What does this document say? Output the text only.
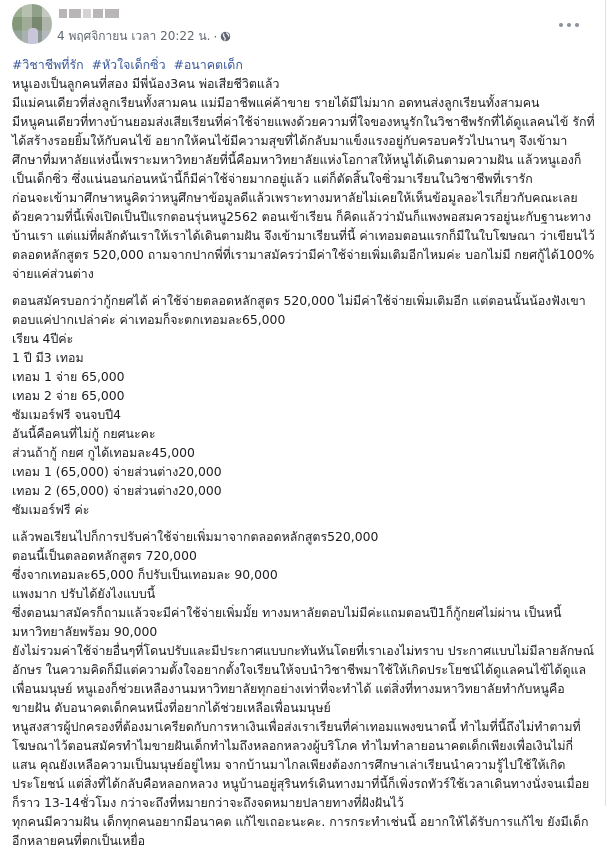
4 พฤศจิกายน เวลา 20:22 น. ·
#วิชาชีพที่รัก #หัวใจเด็กซิ่ว #อนาคตเด็ก
หนูเองเป็นลูกคนที่สอง มีพี่น้อง3คน พ่อเสียชีวิตแล้ว
มีแม่คนเดียวที่ส่งลูกเรียนทั้งสามคน แม่มีอาชีพแค่ค้าขาย รายได้มีไม่มาก อดทนส่งลูกเรียนทั้งสามคน
มีหนูคนเดียวที่ทางบ้านยอมส่งเสียเรียนที่ค่าใช้จ่ายแพงด้วยความที่ใจของหนูรักในวิชาชีพรักที่ได้ดูแลคนไข้ รักที่
ได้สร้างรอยยิ้มให้กับคนไข้ อยากให้คนไข้มีความสุขที่ได้กลับมาแข็งแรงอยู่กับครอบครัวไปนานๆ จึงเข้ามา
ศึกษาที่มหาลัยแห่งนี้เพราะมหาวิทยาลัยที่นี้คือมหาวิทยาลัยแห่งโอกาสให้หนูได้เดินตามความฝัน แล้วหนูเองก็
เป็นเด็กซิ่ว ซึ่งแน่นอนก่อนหน้านี้ก็มีค่าใช้จ่ายมากอยู่แล้ว แต่ก็ตัดสิ้นใจซิ่วมาเรียนในวิชาชีพที่เรารัก
ก่อนจะเข้ามาศึกษาหนูคิดว่าหนูศึกษาข้อมูลดีแล้วเพราะทางมหาลัยไม่เคยให้เห็นข้อมูลอะไรเกี่ยวกับคณะเลย
ด้วยความที่นี้เพิ่งเปิดเป็นปีแรกตอนรุ่นหนู2562 ตอนเข้าเรียน ก็คิดแล้วว่ามันก็แพงพอสมควรอยู่นะกับฐานะทาง
บ้านเรา แต่แม่ที่ผลักดันเราให้เราได้เดินตามฝัน จึงเข้ามาเรียนที่นี้ ค่าเทอมตอนแรกก็มีในใบโฆษณา ว่าเขียนไว้
ตลอดหลักสูตร 520,000 ถามจากปากพี่ที่เรามาสมัครว่ามีค่าใช้จ่ายเพิ่มเติมอีกไหมค่ะ บอกไม่มี กยศกู้ได้100%
จ่ายแค่ส่วนต่าง
ตอนสมัครบอกว่ากู้กยศได้ ค่าใช้จ่ายตลอดหลักสูตร 520,000 ไม่มีค่าใช้จ่ายเพิ่มเติมอีก แต่ตอนนั้นน้องฟังเขา
ตอบแค่ปากเปล่าค่ะ ค่าเทอมก็จะตกเทอมละ65,000
เรียน 4ปีค่ะ
1 ปี มี3 เทอม
เทอม 1 จ่าย 65,000
เทอม 2 จ่าย 65,000
ซัมเมอร์ฟรี จนจบปี4
อันนี้คือคนที่ไม่กู้ กยศนะคะ
ส่วนถ้ากู้ กยศ กูได้เทอมละ45,000
เทอม 1 (65,000) จ่ายส่วนต่าง20,000
เทอม 2 (65,000) จ่ายส่วนต่าง20,000
ซัมเมอร์ฟรี ค่ะ
แล้วพอเรียนไปก็การปรับค่าใช้จ่ายเพิ่มมาจากตลอดหลักสูตร520,000
ตอนนี้เป็นตลอดหลักสูตร 720,000
ซึ่งจากเทอมละ65,000 ก็ปรับเป็นเทอมละ 90,000
แพงมาก ปรับได้ยังไงแบบนี้
ซึ่งตอนมาสมัครก็ถามแล้วจะมีค่าใช้จ่ายเพิ่มมั้ย ทางมหาลัยตอบไม่มีค่ะแถมตอนปี1ก็กู้กยศไม่ผ่าน เป็นหนี้
มหาวิทยาลัยพร้อม 90,000
ยังไม่รวมค่าใช้จ่ายอื่นๆที่โดนปรับและมีประกาศแบบกะทันหันโดยที่เราเองไม่ทราบ ประกาศแบบไม่มีลายลักษณ์
อักษร ในความคิดก็มีแต่ความตั้งใจอยากตั้งใจเรียนให้จบนำวิชาชีพมาใช้ให้เกิดประโยชน์ได้ดูแลคนไข้ได้ดูแล
เพื่อนมนุษย์ หนูเองก็ช่วยเหลืองานมหาวิทยาลัยทุกอย่างเท่าที่จะทำได้ แต่สิ่งที่ทางมหาวิทยาลัยทำกับหนูคือ
ขายฝัน ดับอนาคตเด็กคนหนึ่งที่อยากได้ช่วยเหลือเพื่อนมนุษย์
หนูสงสารผู้ปกครองที่ต้องมาเครียดกับการหาเงินเพื่อส่งเราเรียนที่ค่าเทอมแพงขนาดนี้ ทำไมที่นี้ถึงไม่ทำตามที่
โฆษณาไว้ตอนสมัครทำไมขายฝันเด็กทำไมถึงหลอกหลวงผู้บริโภค ทำไมทำลายอนาคตเด็กเพียงเพื่อเงินไม่กี่
แสน คุณยังเหลือความเป็นมนุษย์อยู่ไหม จากบ้านมาไกลเพียงต้องการศึกษาเล่าเรียนนำความรู้ไปใช้ให้เกิด
ประโยชน์ แต่สิ่งที่ได้กลับคือหลอกหลวง หนูบ้านอยู่สุรินทร์เดินทางมาที่นี้ก็เพิ่งรถทัวร์ใช้เวลาเดินทางนั่งจนเมื่อย
ก็ราว 13-14ชั่วโมง กว่าจะถึงที่หมายกว่าจะถึงจดหมายปลายทางที่ฝังฝันไว้
ทุกคนมีความฝัน เด็กทุกคนอยากมีอนาคต แก้ไขเถอะนะคะ. การกระทำเช่นนี้ อยากให้ได้รับการแก้ไข ยังมีเด็ก
อีกหลายคนที่ตกเป็นเหยื่อ
